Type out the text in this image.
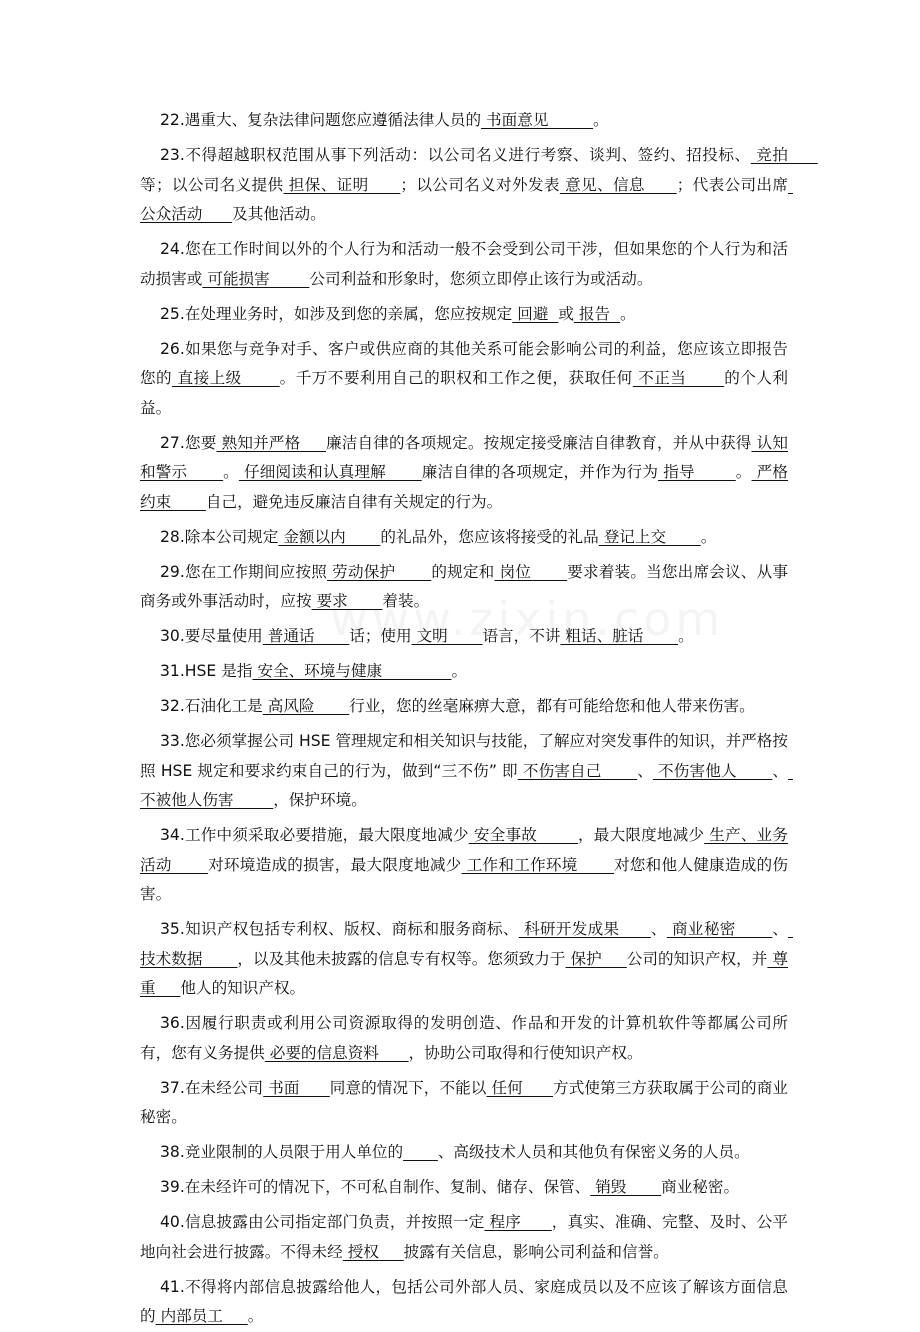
22.遇重大、复杂法律问题您应遵循法律人员的 书面意见         。

23.不得超越职权范围从事下列活动：以公司名义进行考察、谈判、签约、招投标、 竞拍      等；以公司名义提供 担保、证明      ；以公司名义对外发表 意见、信息      ；代表公司出席 公众活动      及其他活动。

24.您在工作时间以外的个人行为和活动一般不会受到公司干涉，但如果您的个人行为和活动损害或 可能损害        公司利益和形象时，您须立即停止该行为或活动。

25.在处理业务时，如涉及到您的亲属，您应按规定 回避  或 报告  。

26.如果您与竞争对手、客户或供应商的其他关系可能会影响公司的利益，您应该立即报告您的 直接上级       。千万不要利用自己的职权和工作之便，获取任何 不正当       的个人利益。

27.您要 熟知并严格     廉洁自律的各项规定。按规定接受廉洁自律教育，并从中获得 认知和警示       。 仔细阅读和认真理解       廉洁自律的各项规定，并作为行为 指导        。 严格约束       自己，避免违反廉洁自律有关规定的行为。

28.除本公司规定 金额以内       的礼品外，您应该将接受的礼品 登记上交       。

29.您在工作期间应按照 劳动保护       的规定和 岗位       要求着装。当您出席会议、从事商务或外事活动时，应按 要求       着装。

30.要尽量使用 普通话       话；使用 文明       语言，不讲 粗话、脏话       。

31.HSE 是指 安全、环境与健康              。

32.石油化工是 高风险       行业，您的丝毫麻痹大意，都有可能给您和他人带来伤害。

33.您必须掌握公司 HSE 管理规定和相关知识与技能，了解应对突发事件的知识，并严格按照 HSE 规定和要求约束自己的行为，做到“三不伤” 即 不伤害自己       、 不伤害他人       、 不被他人伤害        ，保护环境。

34.工作中须采取必要措施，最大限度地减少 安全事故        ，最大限度地减少 生产、业务活动       对环境造成的损害，最大限度地减少 工作和工作环境       对您和他人健康造成的伤害。

35.知识产权包括专利权、版权、商标和服务商标、 科研开发成果      、 商业秘密       、 技术数据       ，以及其他未披露的信息专有权等。您须致力于 保护     公司的知识产权，并 尊重     他人的知识产权。

36.因履行职责或利用公司资源取得的发明创造、作品和开发的计算机软件等都属公司所有，您有义务提供 必要的信息资料      ，协助公司取得和行使知识产权。

37.在未经公司 书面      同意的情况下，不能以 任何      方式使第三方获取属于公司的商业秘密。

38.竞业限制的人员限于用人单位的 、高级技术人员和其他负有保密义务的人员。

39.在未经许可的情况下，不可私自制作、复制、储存、保管、 销毁       商业秘密。

40.信息披露由公司指定部门负责，并按照一定 程序      ，真实、准确、完整、及时、公平地向社会进行披露。不得未经 授权     披露有关信息，影响公司利益和信誉。

41.不得将内部信息披露给他人，包括公司外部人员、家庭成员以及不应该了解该方面信息的 内部员工     。
